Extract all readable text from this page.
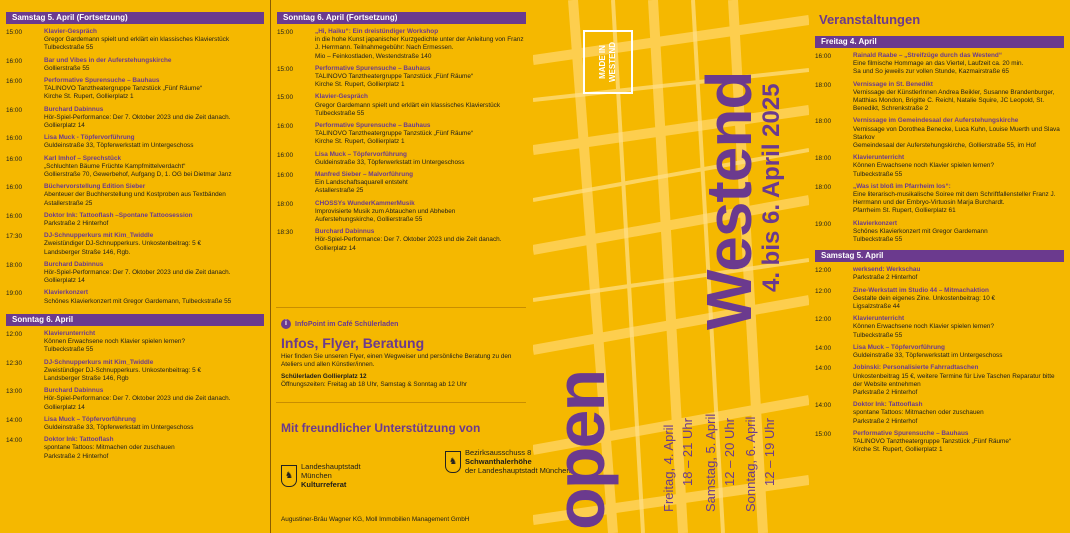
Samstag 5. April (Fortsetzung)
15:00	Klavier-Gespräch
Gregor Gardemann spielt und erklärt ein klassisches Klavierstück
Tulbeckstraße 55
16:00	Bar und Vibes in der Auferstehungskirche
Gollierstraße 55
16:00	Performative Spurensuche – Bauhaus
TALINOVO Tanztheatergruppe Tanzstück „Fünf Räume“
Kirche St. Rupert, Gollierplatz 1
16:00	Burchard Dabinnus
Hör-Spiel-Performance: Der 7. Oktober 2023 und die Zeit danach.
Gollierplatz 14
16:00	Lisa Muck - Töpfervorführung
Guldeinstraße 33, Töpferwerkstatt im Untergeschoss
16:00	Karl Imhof – Sprechstück
„Schluchten Bäume Früchte Kampfmittelverdacht“
Gollierstraße 70, Gewerbehof, Aufgang D, 1. OG bei Dietmar Janz
16:00	Büchervorstellung Edition Sieber
Abenteuer der Buchherstellung und Kostproben aus Textbänden
Astallerstraße 25
16:00	Doktor Ink: Tattooflash –Spontane Tattoosession
Parkstraße 2 Hinterhof
17:30	DJ-Schnupperkurs mit Kim_Twiddle
Zweistündiger DJ-Schnupperkurs. Unkostenbeitrag: 5 €
Landsberger Straße 146, Rgb.
18:00	Burchard Dabinnus
Hör-Spiel-Performance: Der 7. Oktober 2023 und die Zeit danach.
Gollierplatz 14
19:00	Klavierkonzert
Schönes Klavierkonzert mit Gregor Gardemann, Tulbeckstraße 55
Sonntag 6. April
12:00	Klavierunterricht
Können Erwachsene noch Klavier spielen lernen?
Tulbeckstraße 55
12:30	DJ-Schnupperkurs mit Kim_Twiddle
Zweistündiger DJ-Schnupperkurs. Unkostenbeitrag: 5 €
Landsberger Straße 146, Rgb
13:00	Burchard Dabinnus
Hör-Spiel-Performance: Der 7. Oktober 2023 und die Zeit danach.
Gollierplatz 14
14:00	Lisa Muck – Töpfervorführung
Guldeinstraße 33, Töpferwerkstatt im Untergeschoss
14:00	Doktor Ink: Tattooflash
spontane Tattoos: Mitmachen oder zuschauen
Parkstraße 2 Hinterhof
Sonntag 6. April (Fortsetzung)
15:00	„Hi, Haiku“: Ein dreistündiger Workshop
in die hohe Kunst japanischer Kurzgedichte unter der Anleitung von Franz J. Herrmann. Teilnahmegebühr: Nach Ermessen.
Mio – Feinkostladen, Westendstraße 140
15:00	Performative Spurensuche – Bauhaus
TALINOVO Tanztheatergruppe Tanzstück „Fünf Räume“
Kirche St. Rupert, Gollierplatz 1
15:00	Klavier-Gespräch
Gregor Gardemann spielt und erklärt ein klassisches Klavierstück
Tulbeckstraße 55
16:00	Performative Spurensuche – Bauhaus
TALINOVO Tanztheatergruppe Tanzstück „Fünf Räume“
Kirche St. Rupert, Gollierplatz 1
16:00	Lisa Muck – Töpfervorführung
Guldeinstraße 33, Töpferwerkstatt im Untergeschoss
16:00	Manfred Sieber – Malvorführung
Ein Landschaftsaquarell entsteht
Astallerstraße 25
18:00	CHOSSYs WunderKammerMusik
Improvisierte Musik zum Abtauchen und Abheben
Auferstehungskirche, Gollierstraße 55
18:30	Burchard Dabinnus
Hör-Spiel-Performance: Der 7. Oktober 2023 und die Zeit danach.
Gollierplatz 14
i	InfoPoint im Café Schülerladen
Infos, Flyer, Beratung
Hier finden Sie unseren Flyer, einen Wegweiser und persönliche Beratung zu den Ateliers und allen Künstler/innen.
Schülerladen Gollierplatz 12
Öffnungszeiten: Freitag ab 18 Uhr, Samstag & Sonntag ab 12 Uhr
Mit freundlicher Unterstützung von
♞
Landeshauptstadt
München
Kulturreferat
♞
Bezirksausschuss 8
Schwanthalerhöhe
der Landeshauptstadt München
Augustiner-Bräu Wagner KG, Moll Immobilien Management GmbH
MADE IN WESTEND
open
Westend
4. bis 6. April 2025
Freitag, 4. April 18 – 21 Uhr Samstag, 5. April 12 – 20 Uhr Sonntag, 6. April 12 – 19 Uhr
Veranstaltungen
Freitag 4. April
16:00	Rainald Raabe – „Streifzüge durch das Westend“
Eine filmische Hommage an das Viertel, Laufzeit ca. 20 min.
Sa und So jeweils zur vollen Stunde, Kazmairstraße 65
18:00	Vernissage in St. Benedikt
Vernissage der KünstlerInnen Andrea Beikler, Susanne Brandenburger, Matthias Mondon, Brigitte C. Reichl, Natalie Squire, JC Leopold, St. Benedikt, Schrenkstraße 2
18:00	Vernissage im Gemeindesaal der Auferstehungskirche
Vernissage von Dorothea Benecke, Luca Kuhn, Louise Muerth und Slava Starkov
Gemeindesaal der Auferstehungskirche, Gollierstraße 55, im Hof
18:00	Klavierunterricht
Können Erwachsene noch Klavier spielen lernen?
Tulbeckstraße 55
18:00	„Was ist bloß im Pfarrheim los“:
Eine literarisch-musikalische Soiree mit dem Schriftfallensteller Franz J. Herrmann und der Embryo-Virtuosin Marja Burchardt.
Pfarrheim St. Rupert, Gollierplatz 61
19:00	Klavierkonzert
Schönes Klavierkonzert mit Gregor Gardemann
Tulbeckstraße 55
Samstag 5. April
12:00	werksend: Werkschau
Parkstraße 2 Hinterhof
12:00	Zine-Werkstatt im Studio 44 – Mitmachaktion
Gestalte dein eigenes Zine. Unkostenbeitrag: 10 €
Ligsalzstraße 44
12:00	Klavierunterricht
Können Erwachsene noch Klavier spielen lernen?
Tulbeckstraße 55
14:00	Lisa Muck – Töpfervorführung
Guldeinstraße 33, Töpferwerkstatt im Untergeschoss
14:00	Jobinski: Personalisierte Fahrradtaschen
Unkostenbeitrag 15 €, weitere Termine für Live Taschen Reparatur bitte der Website entnehmen
Parkstraße 2 Hinterhof
14:00	Doktor Ink: Tattooflash
spontane Tattoos: Mitmachen oder zuschauen
Parkstraße 2 Hinterhof
15:00	Performative Spurensuche – Bauhaus
TALINOVO Tanztheatergruppe Tanzstück „Fünf Räume“
Kirche St. Rupert, Gollierplatz 1
